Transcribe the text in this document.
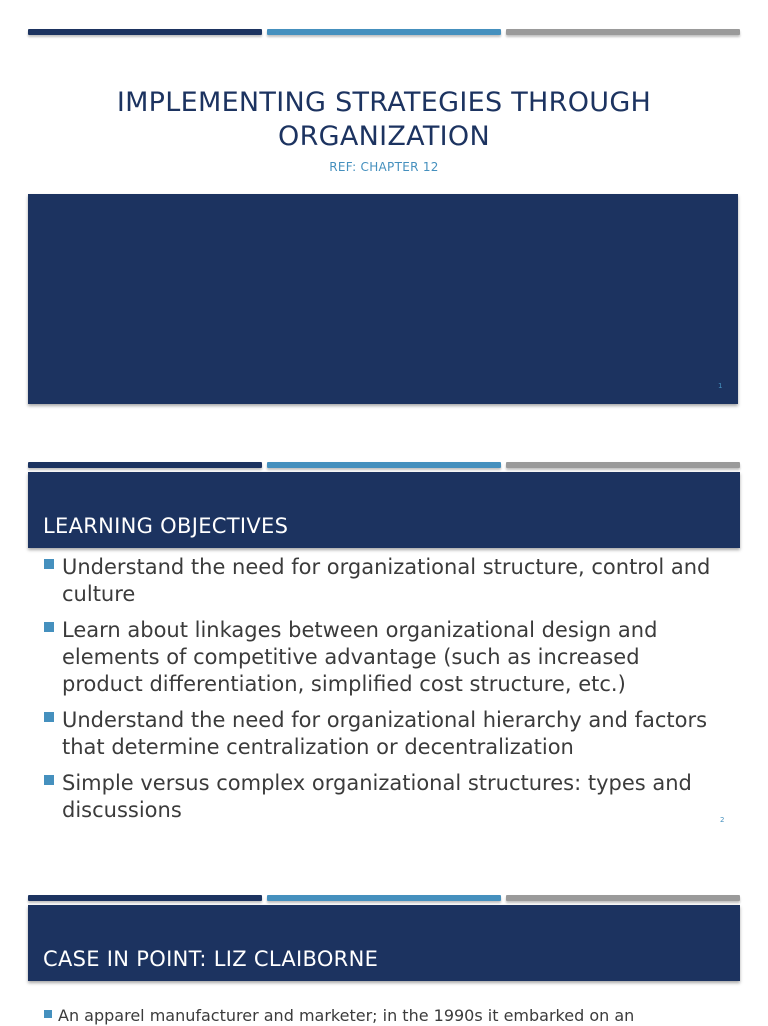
IMPLEMENTING STRATEGIES THROUGH ORGANIZATION
REF: CHAPTER 12
1
LEARNING OBJECTIVES
Understand the need for organizational structure, control and culture
Learn about linkages between organizational design and elements of competitive advantage (such as increased product differentiation, simplified cost structure, etc.)
Understand the need for organizational hierarchy and factors that determine centralization or decentralization
Simple versus complex organizational structures: types and discussions	2
CASE IN POINT: LIZ CLAIBORNE
An apparel manufacturer and marketer; in the 1990s it embarked on an
